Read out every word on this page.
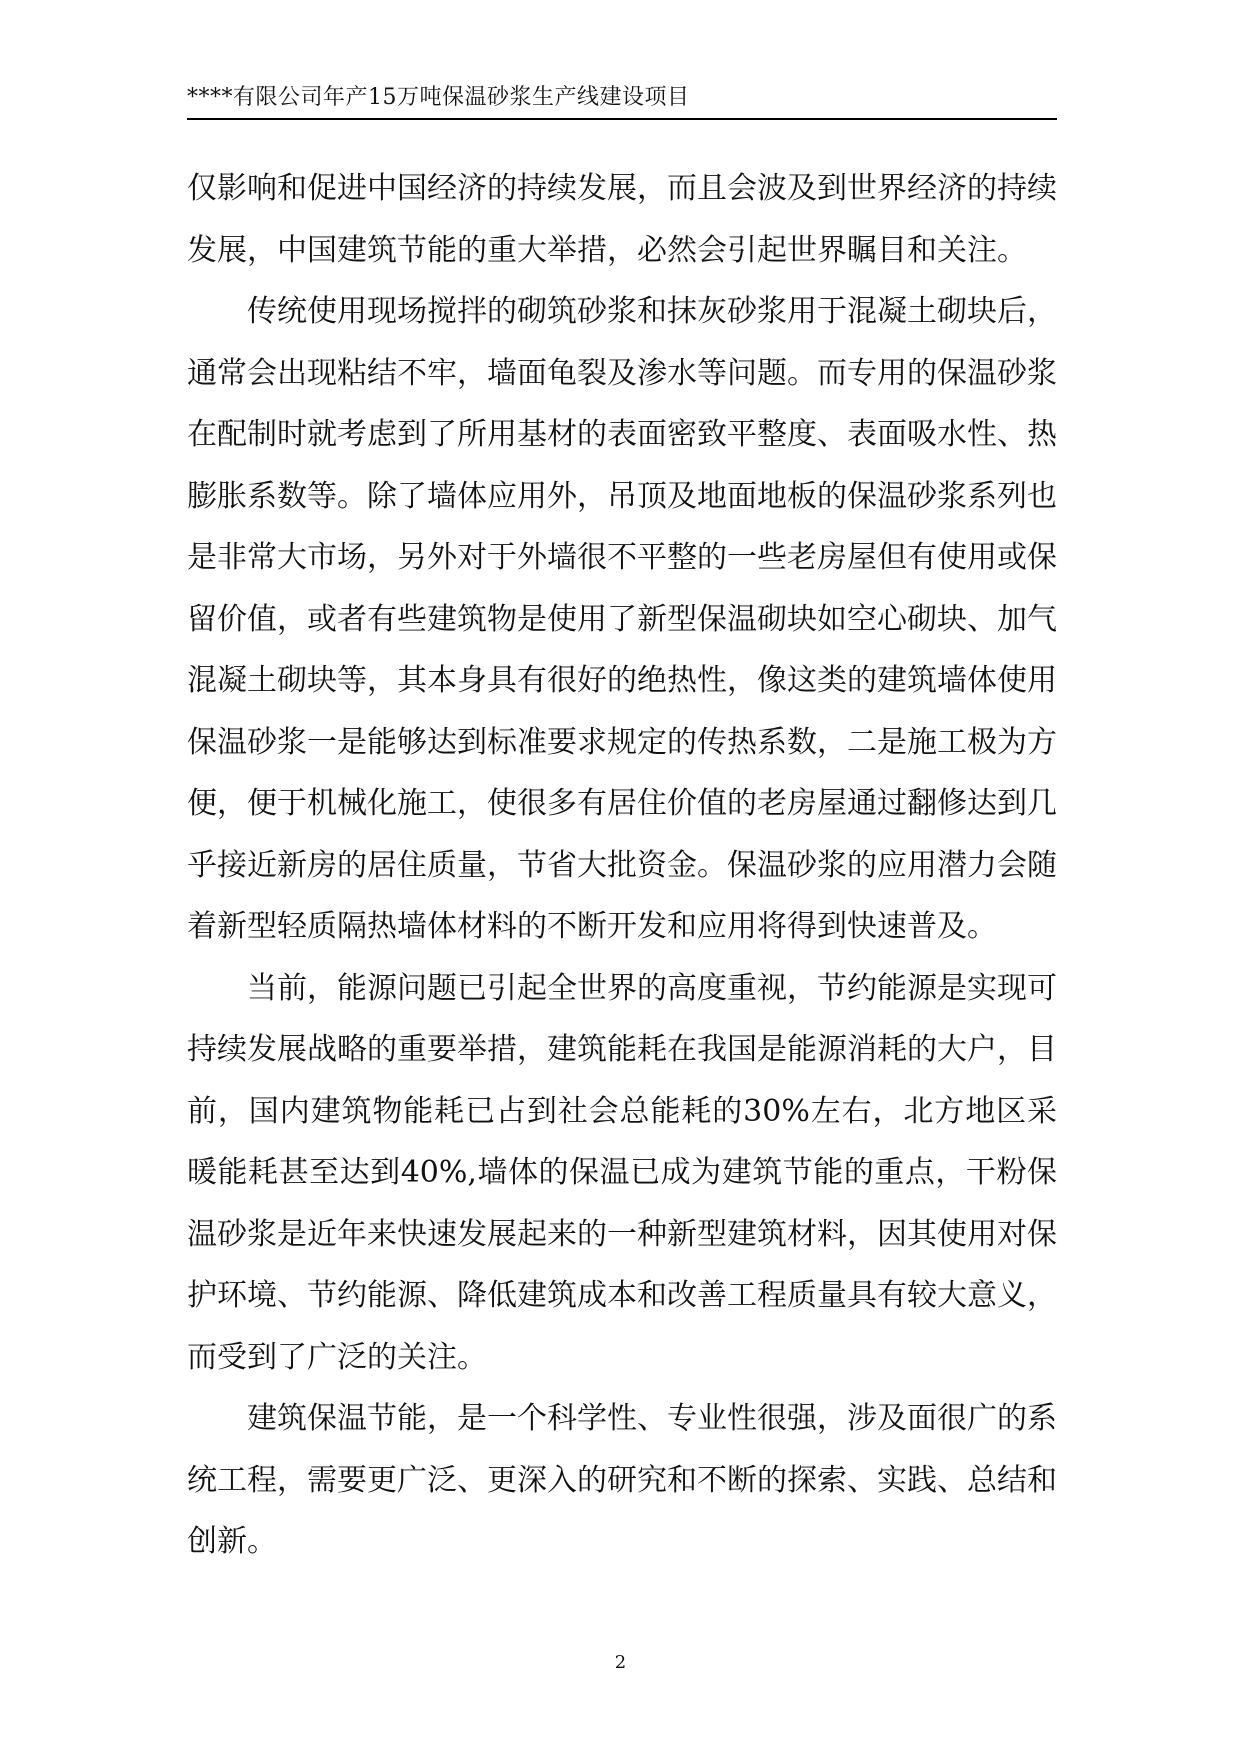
****有限公司年产15万吨保温砂浆生产线建设项目

仅影响和促进中国经济的持续发展，而且会波及到世界经济的持续发展，中国建筑节能的重大举措，必然会引起世界瞩目和关注。

传统使用现场搅拌的砌筑砂浆和抹灰砂浆用于混凝土砌块后，通常会出现粘结不牢，墙面龟裂及渗水等问题。而专用的保温砂浆在配制时就考虑到了所用基材的表面密致平整度、表面吸水性、热膨胀系数等。除了墙体应用外，吊顶及地面地板的保温砂浆系列也是非常大市场，另外对于外墙很不平整的一些老房屋但有使用或保留价值，或者有些建筑物是使用了新型保温砌块如空心砌块、加气混凝土砌块等，其本身具有很好的绝热性，像这类的建筑墙体使用保温砂浆一是能够达到标准要求规定的传热系数，二是施工极为方便，便于机械化施工，使很多有居住价值的老房屋通过翻修达到几乎接近新房的居住质量，节省大批资金。保温砂浆的应用潜力会随着新型轻质隔热墙体材料的不断开发和应用将得到快速普及。

当前，能源问题已引起全世界的高度重视，节约能源是实现可持续发展战略的重要举措，建筑能耗在我国是能源消耗的大户，目前，国内建筑物能耗已占到社会总能耗的30%左右，北方地区采暖能耗甚至达到40%,墙体的保温已成为建筑节能的重点，干粉保温砂浆是近年来快速发展起来的一种新型建筑材料，因其使用对保护环境、节约能源、降低建筑成本和改善工程质量具有较大意义，而受到了广泛的关注。

建筑保温节能，是一个科学性、专业性很强，涉及面很广的系统工程，需要更广泛、更深入的研究和不断的探索、实践、总结和创新。

2
